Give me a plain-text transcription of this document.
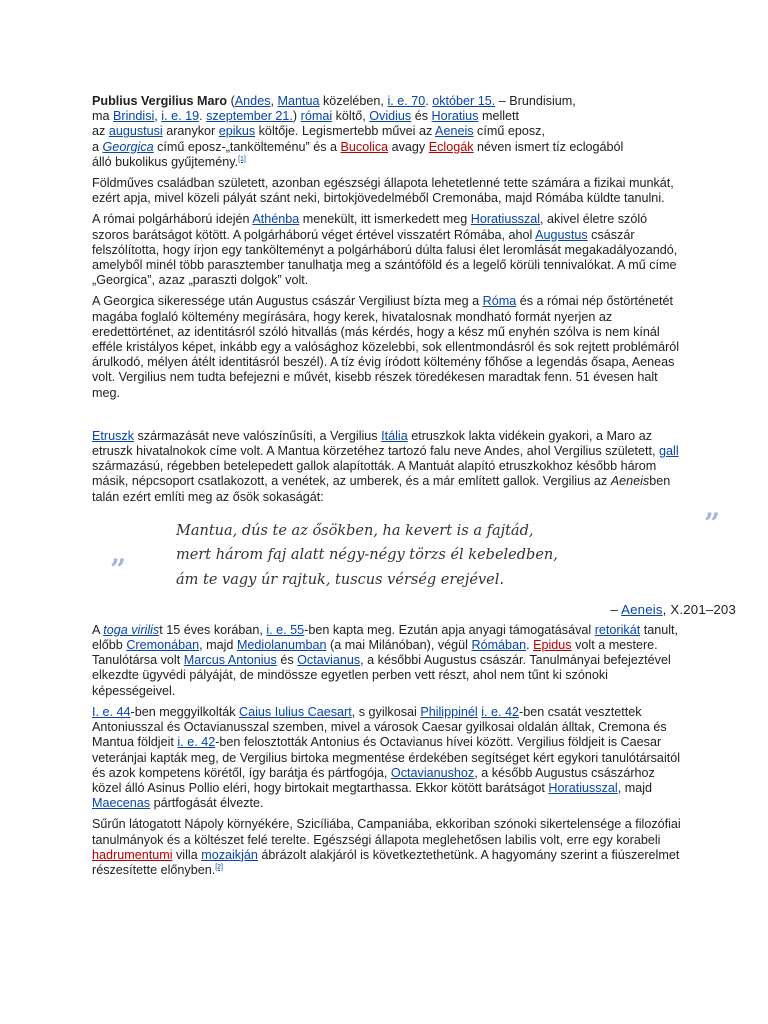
Publius Vergilius Maro (Andes, Mantua közelében, i. e. 70. október 15. – Brundisium,
ma Brindisi, i. e. 19. szeptember 21.) római költő, Ovidius és Horatius mellett
az augustusi aranykor epikus költője. Legismertebb művei az Aeneis című eposz,
a Georgica című eposz-„tankölteménu” és a Bucolica avagy Eclogák néven ismert tíz eclogából
álló bukolikus gyűjtemény.[1]

Földműves családban született, azonban egészségi állapota lehetetlenné tette számára a fizikai munkát, ezért apja, mivel közeli pályát szánt neki, birtokjövedelméből Cremonába, majd Rómába küldte tanulni.

A római polgárháború idején Athénba menekült, itt ismerkedett meg Horatiusszal, akivel életre szóló szoros barátságot kötött. A polgárháború véget értével visszatért Rómába, ahol Augustus császár felszólította, hogy írjon egy tankölteményt a polgárháború dúlta falusi élet leromlását megakadályozandó, amelyből minél több parasztember tanulhatja meg a szántóföld és a legelő körüli tennivalókat. A mű címe „Georgica”, azaz „paraszti dolgok” volt.

A Georgica sikeressége után Augustus császár Vergiliust bízta meg a Róma és a római nép őstörténetét magába foglaló költemény megírására, hogy kerek, hivatalosnak mondható formát nyerjen az eredettörténet, az identitásról szóló hitvallás (más kérdés, hogy a kész mű enyhén szólva is nem kínál efféle kristályos képet, inkább egy a valósághoz közelebbi, sok ellentmondásról és sok rejtett problémáról árulkodó, mélyen átélt identitásról beszél). A tíz évig íródott költemény főhőse a legendás ősapa, Aeneas volt. Vergilius nem tudta befejezni e művét, kisebb részek töredékesen maradtak fenn. 51 évesen halt meg.

Etruszk származását neve valószínűsíti, a Vergilius Itália etruszkok lakta vidékein gyakori, a Maro az etruszk hivatalnokok címe volt. A Mantua körzetéhez tartozó falu neve Andes, ahol Vergilius született, gall származású, régebben betelepedett gallok alapították. A Mantuát alapító etruszkokhoz később három másik, népcsoport csatlakozott, a venétek, az umberek, és a már említett gallok. Vergilius az Aeneisben talán ezért említi meg az ősök sokaságát:

”
”
Mantua, dús te az ősökben, ha kevert is a fajtád,
mert három faj alatt négy-négy törzs él kebeledben,
ám te vagy úr rajtuk, tuscus vérség erejével.
– Aeneis, X.201–203

A toga virilist 15 éves korában, i. e. 55-ben kapta meg. Ezután apja anyagi támogatásával retorikát tanult, előbb Cremonában, majd Mediolanumban (a mai Milánóban), végül Rómában. Epidus volt a mestere. Tanulótársa volt Marcus Antonius és Octavianus, a későbbi Augustus császár. Tanulmányai befejeztével elkezdte ügyvédi pályáját, de mindössze egyetlen perben vett részt, ahol nem tűnt ki szónoki képességeivel.

I. e. 44-ben meggyilkolták Caius Iulius Caesart, s gyilkosai Philippinél i. e. 42-ben csatát vesztettek Antoniusszal és Octavianusszal szemben, mivel a városok Caesar gyilkosai oldalán álltak, Cremona és Mantua földjeit i. e. 42-ben felosztották Antonius és Octavianus hívei között. Vergilius földjeit is Caesar veteránjai kapták meg, de Vergilius birtoka megmentése érdekében segítséget kért egykori tanulótársaitól és azok kompetens körétől, így barátja és pártfogója, Octavianushoz, a később Augustus császárhoz közel álló Asinus Pollio eléri, hogy birtokait megtarthassa. Ekkor kötött barátságot Horatiusszal, majd Maecenas pártfogását élvezte.

Sűrűn látogatott Nápoly környékére, Szicíliába, Campaniába, ekkoriban szónoki sikertelensége a filozófiai tanulmányok és a költészet felé terelte. Egészségi állapota meglehetősen labilis volt, erre egy korabeli hadrumentumi villa mozaikján ábrázolt alakjáról is következtethetünk. A hagyomány szerint a fiúszerelmet részesítette előnyben.[2]
